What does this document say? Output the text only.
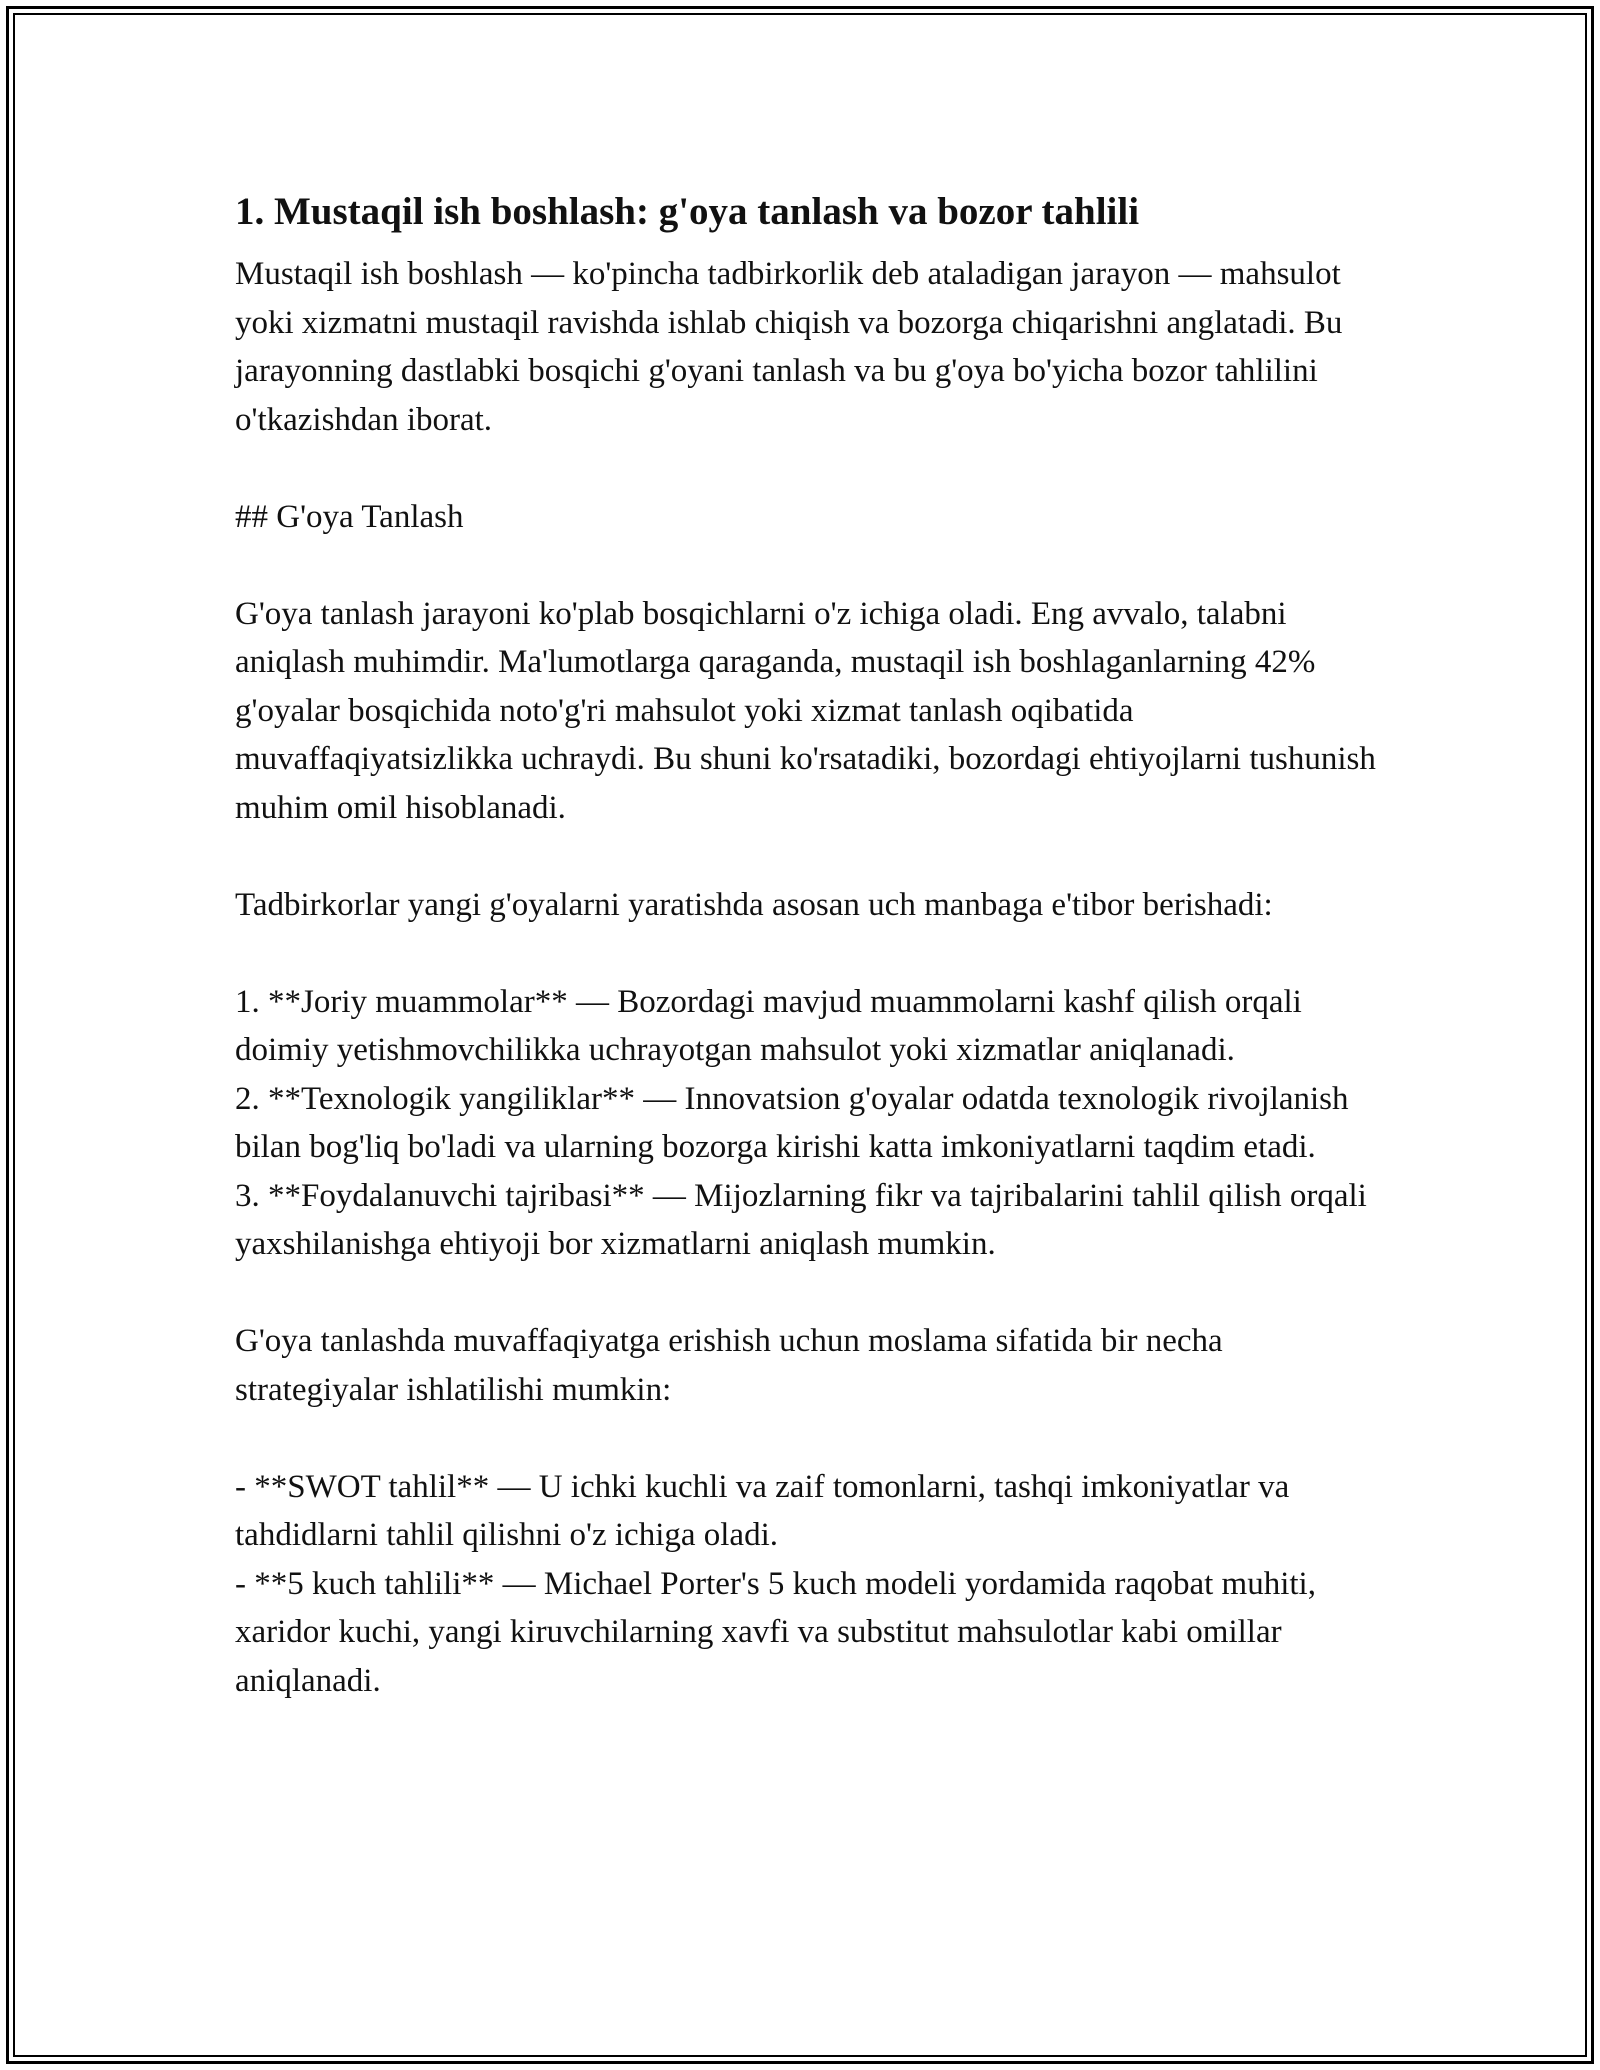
1. Mustaqil ish boshlash: g'oya tanlash va bozor tahlili

Mustaqil ish boshlash — ko'pincha tadbirkorlik deb ataladigan jarayon — mahsulot yoki xizmatni mustaqil ravishda ishlab chiqish va bozorga chiqarishni anglatadi. Bu jarayonning dastlabki bosqichi g'oyani tanlash va bu g'oya bo'yicha bozor tahlilini o'tkazishdan iborat.

## G'oya Tanlash

G'oya tanlash jarayoni ko'plab bosqichlarni o'z ichiga oladi. Eng avvalo, talabni aniqlash muhimdir. Ma'lumotlarga qaraganda, mustaqil ish boshlaganlarning 42% g'oyalar bosqichida noto'g'ri mahsulot yoki xizmat tanlash oqibatida muvaffaqiyatsizlikka uchraydi. Bu shuni ko'rsatadiki, bozordagi ehtiyojlarni tushunish muhim omil hisoblanadi.

Tadbirkorlar yangi g'oyalarni yaratishda asosan uch manbaga e'tibor berishadi:

1. **Joriy muammolar** — Bozordagi mavjud muammolarni kashf qilish orqali doimiy yetishmovchilikka uchrayotgan mahsulot yoki xizmatlar aniqlanadi.

2. **Texnologik yangiliklar** — Innovatsion g'oyalar odatda texnologik rivojlanish bilan bog'liq bo'ladi va ularning bozorga kirishi katta imkoniyatlarni taqdim etadi.

3. **Foydalanuvchi tajribasi** — Mijozlarning fikr va tajribalarini tahlil qilish orqali yaxshilanishga ehtiyoji bor xizmatlarni aniqlash mumkin.

G'oya tanlashda muvaffaqiyatga erishish uchun moslama sifatida bir necha strategiyalar ishlatilishi mumkin:

- **SWOT tahlil** — U ichki kuchli va zaif tomonlarni, tashqi imkoniyatlar va tahdidlarni tahlil qilishni o'z ichiga oladi.

- **5 kuch tahlili** — Michael Porter's 5 kuch modeli yordamida raqobat muhiti, xaridor kuchi, yangi kiruvchilarning xavfi va substitut mahsulotlar kabi omillar aniqlanadi.
